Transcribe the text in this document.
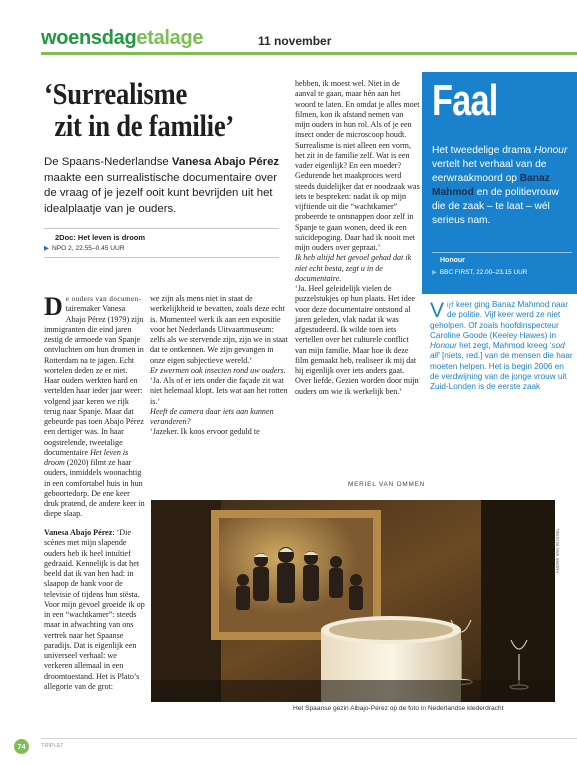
woensdagetalage	11 november
‘Surrealisme
zit in de familie’
De Spaans-Nederlandse Vanesa Abajo Pérez maakte een surrealistische documentaire over de vraag of je jezelf ooit kunt bevrijden uit het idealplaatje van je ouders.
2Doc: Het leven is droom
▶ NPO 2, 22.55–0.45 UUR

De ouders van documen- tairemaker Vanesa Abajo Pérez (1979) zijn immigranten die eind jaren zestig de armoede van Spanje ontvluchten om hun dromen in Rotterdam na te jagen. Echt wortelen deden ze er niet. Haar ouders werkten hard en vertelden haar ieder jaar weer: volgend jaar keren we rijk terug naar Spanje. Maar dat gebeurde pas toen Abajo Pérez een dertiger was. In haar oogstrelende, tweetalige documentaire Het leven is droom (2020) filmt ze haar ouders, inmiddels woonachtig in een comfortabel huis in hun geboortedorp. De ene keer druk pratend, de andere keer in diepe slaap.

Vanesa Abajo Pérez: ‘Die scènes met mijn slapende ouders heb ik heel intuïtief gedraaid. Kennelijk is dat het beeld dat ik van hen had: in slaapop de bank voor de televisie of tijdens hun siësta. Voor mijn gevoel groeide ik op in een “wachtkamer”: steeds maar in afwachting van ons vertrek naar het Spaanse paradijs. Dat is eigenlijk een universeel verhaal: we verkeren allemaal in een droomtoestand. Het is Plato’s allegorie van de grot:

we zijn als mens niet in staat de werkelijkheid te bevatten, zoals deze echt is. Momenteel werk ik aan een expositie voor het Nederlands Uitvaartmuseum: zelfs als we stervende zijn, zijn we in staat dat te ontkennen. We zijn gevangen in onze eigen subjectieve wereld.’

Er zwermen ook insecten rond uw ouders.

‘Ja. Als of er iets onder die façade zit wat niet helemaal klopt. Iets wat aan het rotten is.’

Heeft de camera daar iets aan kunnen veranderen?

‘Jazeker. Ik koos ervoor geduld te

hebben, ik moest wel. Niet in de aanval te gaan, maar hén aan het woord te laten. En omdat je alles moet filmen, kon ik afstand nemen van mijn ouders in hun rol. Als of je een insect onder de microscoop houdt. Surrealisme is niet alleen een vorm, het zit in de familie zelf. Wat is een vader eigenlijk? En een moeder? Gedurende het maakproces werd steeds duidelijker dat er noodzaak was iets te bespreken: nadat ik op mijn vijftiende uit die “wachtkamer” probeerde te ontsnappen door zelf in Spanje te gaan wonen, deed ik een suïcidepoging. Daar had ik nooit met mijn ouders over gepraat.’

Ik heb altijd het gevoel gehad dat ik niet echt besta, zegt u in de documentaire.

‘Ja. Heel geleidelijk vielen de puzzelstukjes op hun plaats. Het idee voor deze documentaire ontstond al jaren geleden, vlak nadat ik was afgestudeerd. Ik wilde toen iets vertellen over het culturele conflict van mijn familie. Maar hoe ik deze film gemaakt heb, realiseer ik mij dat hij eigenlijk over iets anders gaat. Over liefde. Gezien worden door mijn ouders om wie ik werkelijk ben.’

MERIEL VAN OMMEN
Faal
Het tweedelige drama Honour vertelt het verhaal van de eerwraakmoord op Banaz Mahmod en de politievrouw die de zaak – te laat – wél serieus nam.
Honour
▶ BBC FIRST, 22.00–23.15 UUR

Vijf keer ging Banaz Mahmod naar de politie. Vijf keer werd ze niet geholpen. Of zoals hoofdinspecteur Caroline Goode (Keeley Hawes) in Honour het zegt, Mahmod kreeg ‘sod all’ [niets, red.] van de mensen die haar moeten helpen. Het is begin 2006 en de verdwijning van de jonge vrouw uit Zuid-Londen is de eerste zaak

ANDRÉ VAN RIJSSEL
Het Spaanse gezin Albajo-Pérez op de foto in Nederlandse klederdracht
74	TRIPLE7
